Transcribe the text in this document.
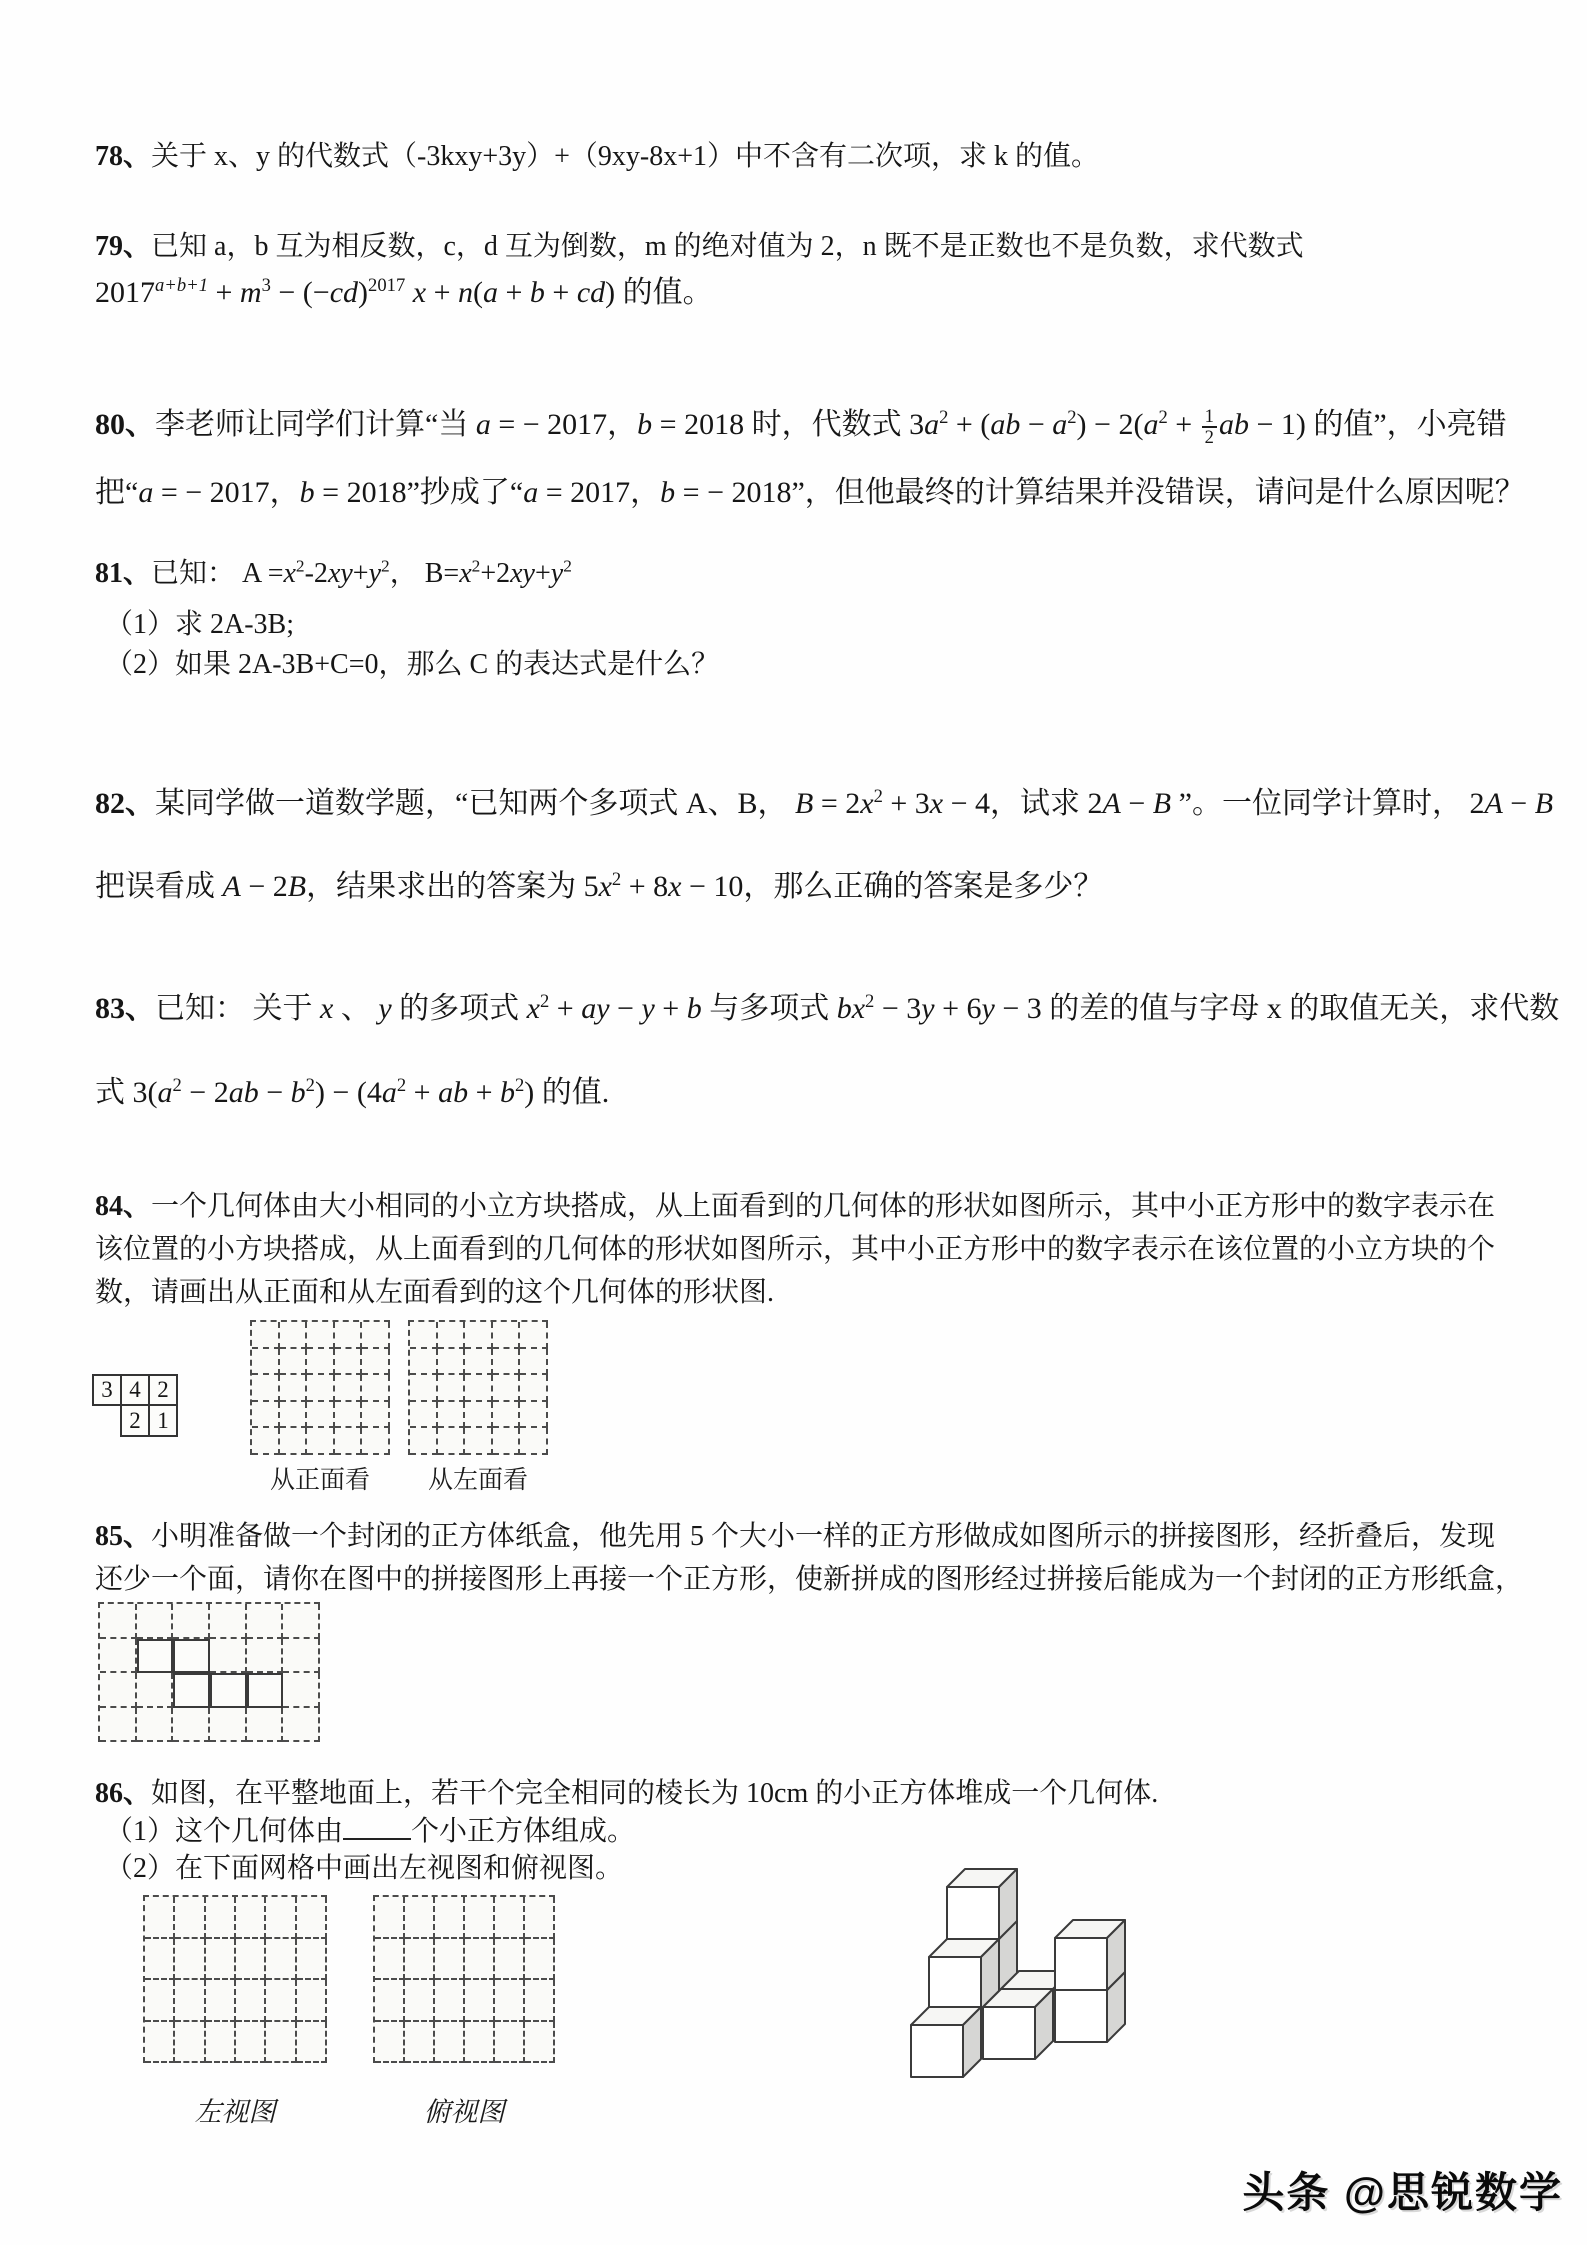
78、关于 x、y 的代数式（-3kxy+3y）+（9xy-8x+1）中不含有二次项，求 k 的值。
79、已知 a，b 互为相反数，c，d 互为倒数，m 的绝对值为 2，n 既不是正数也不是负数，求代数式
$2017^{a+b+1} + m^3 - (-cd)^{2017}$ x + n(a + b + cd) 的值。
80、李老师让同学们计算“当 a = − 2017，b = 2018 时，代数式 $3a^2 + (ab - a^2) - 2(a^2 + \frac{1}{2}$ ab − 1) 的值”，小亮错
把“a = − 2017，b = 2018”抄成了“a = 2017，b = − 2018”，但他最终的计算结果并没错误，请问是什么原因呢？
81、已知： $A =x^2-2xy+y^2$， $B=x^2+2xy+y^2$
（1）求 2A-3B;
（2）如果 2A-3B+C=0，那么 C 的表达式是什么？
82、某同学做一道数学题，“已知两个多项式 A、B， $B = 2x^2 + 3x - 4$，试求 2A − B ”。一位同学计算时， 2A − B
把误看成 A − 2B，结果求出的答案为 $5x^2 + 8x - 10$，那么正确的答案是多少？
83、已知： 关于 x 、 y 的多项式 $x^2$ + ay − y + b 与多项式 $bx^2 - 3y + 6y - 3$ 的差的值与字母 x 的取值无关，求代数
式 $3(a^2 - 2ab - b^2) - (4a^2$ + ab + $b^2$) 的值.
84、一个几何体由大小相同的小立方块搭成，从上面看到的几何体的形状如图所示，其中小正方形中的数字表示在
该位置的小方块搭成，从上面看到的几何体的形状如图所示，其中小正方形中的数字表示在该位置的小立方块的个
数，请画出从正面和从左面看到的这个几何体的形状图.
3 4 2
2 1
从正面看	从左面看
85、小明准备做一个封闭的正方体纸盒，他先用 5 个大小一样的正方形做成如图所示的拼接图形，经折叠后，发现
还少一个面，请你在图中的拼接图形上再接一个正方形，使新拼成的图形经过拼接后能成为一个封闭的正方形纸盒，
86、如图，在平整地面上，若干个完全相同的棱长为 10cm 的小正方体堆成一个几何体.
（1）这个几何体由 个小正方体组成。
（2）在下面网格中画出左视图和俯视图。
左视图	俯视图
头条 @思锐数学
